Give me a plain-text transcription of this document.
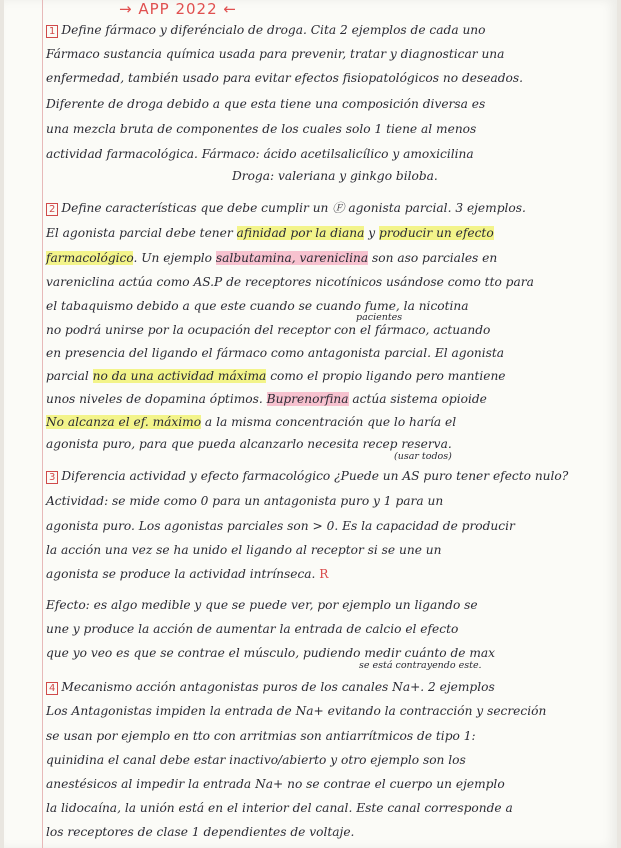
→ APP 2022 ←
1 Define fármaco y diferéncialo de droga. Cita 2 ejemplos de cada uno
Fármaco sustancia química usada para prevenir, tratar y diagnosticar una
enfermedad, también usado para evitar efectos fisiopatológicos no deseados.
Diferente de droga debido a que esta tiene una composición diversa es
una mezcla bruta de componentes de los cuales solo 1 tiene al menos
actividad farmacológica. Fármaco: ácido acetilsalicílico y amoxicilina
Droga: valeriana y ginkgo biloba.
2 Define características que debe cumplir un Ⓕ agonista parcial. 3 ejemplos.
El agonista parcial debe tener afinidad por la diana y producir un efecto
farmacológico. Un ejemplo salbutamina, vareniclina son aso parciales en
vareniclina actúa como AS.P de receptores nicotínicos usándose como tto para
el tabaquismo debido a que este cuando se cuando fume, la nicotina
pacientes
no podrá unirse por la ocupación del receptor con el fármaco, actuando
en presencia del ligando el fármaco como antagonista parcial. El agonista
parcial no da una actividad máxima como el propio ligando pero mantiene
unos niveles de dopamina óptimos. Buprenorfina actúa sistema opioide
No alcanza el ef. máximo a la misma concentración que lo haría el
agonista puro, para que pueda alcanzarlo necesita recep reserva.
(usar todos)
3 Diferencia actividad y efecto farmacológico ¿Puede un AS puro tener efecto nulo?
Actividad: se mide como 0 para un antagonista puro y 1 para un
agonista puro. Los agonistas parciales son > 0. Es la capacidad de producir
la acción una vez se ha unido el ligando al receptor si se une un
agonista se produce la actividad intrínseca. R
Efecto: es algo medible y que se puede ver, por ejemplo un ligando se
une y produce la acción de aumentar la entrada de calcio el efecto
que yo veo es que se contrae el músculo, pudiendo medir cuánto de max
se está contrayendo este.
4 Mecanismo acción antagonistas puros de los canales Na+. 2 ejemplos
Los Antagonistas impiden la entrada de Na+ evitando la contracción y secreción
se usan por ejemplo en tto con arritmias son antiarrítmicos de tipo 1:
quinidina el canal debe estar inactivo/abierto y otro ejemplo son los
anestésicos al impedir la entrada Na+ no se contrae el cuerpo un ejemplo
la lidocaína, la unión está en el interior del canal. Este canal corresponde a
los receptores de clase 1 dependientes de voltaje.
